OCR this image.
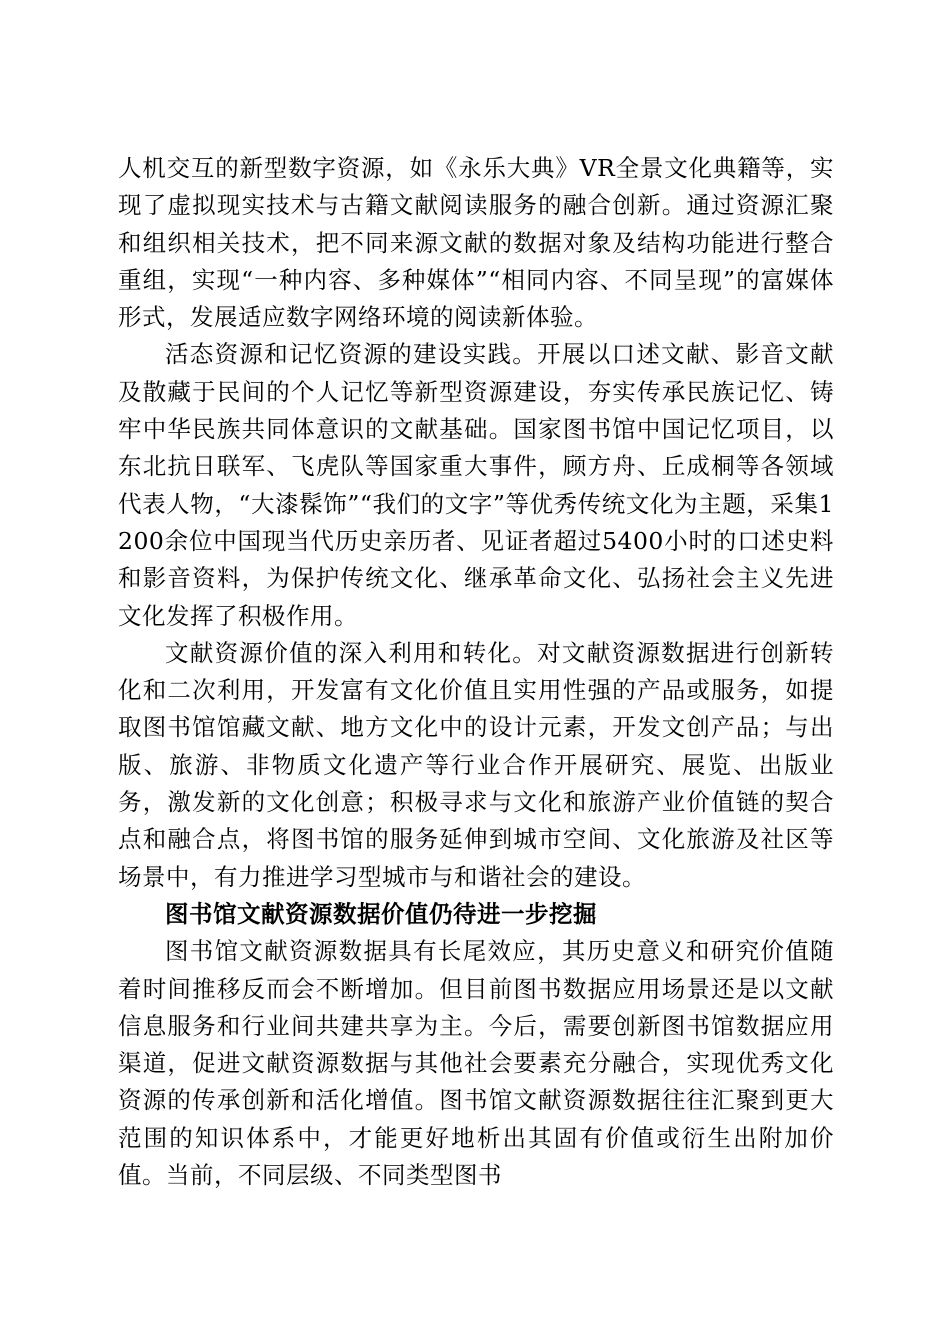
人机交互的新型数字资源，如《永乐大典》VR全景文化典籍等，实现了虚拟现实技术与古籍文献阅读服务的融合创新。通过资源汇聚和组织相关技术，把不同来源文献的数据对象及结构功能进行整合重组，实现“一种内容、多种媒体”“相同内容、不同呈现”的富媒体形式，发展适应数字网络环境的阅读新体验。

活态资源和记忆资源的建设实践。开展以口述文献、影音文献及散藏于民间的个人记忆等新型资源建设，夯实传承民族记忆、铸牢中华民族共同体意识的文献基础。国家图书馆中国记忆项目，以东北抗日联军、飞虎队等国家重大事件，顾方舟、丘成桐等各领域代表人物，“大漆髹饰”“我们的文字”等优秀传统文化为主题，采集1200余位中国现当代历史亲历者、见证者超过5400小时的口述史料和影音资料，为保护传统文化、继承革命文化、弘扬社会主义先进文化发挥了积极作用。

文献资源价值的深入利用和转化。对文献资源数据进行创新转化和二次利用，开发富有文化价值且实用性强的产品或服务，如提取图书馆馆藏文献、地方文化中的设计元素，开发文创产品；与出版、旅游、非物质文化遗产等行业合作开展研究、展览、出版业务，激发新的文化创意；积极寻求与文化和旅游产业价值链的契合点和融合点，将图书馆的服务延伸到城市空间、文化旅游及社区等场景中，有力推进学习型城市与和谐社会的建设。

图书馆文献资源数据价值仍待进一步挖掘

图书馆文献资源数据具有长尾效应，其历史意义和研究价值随着时间推移反而会不断增加。但目前图书数据应用场景还是以文献信息服务和行业间共建共享为主。今后，需要创新图书馆数据应用渠道，促进文献资源数据与其他社会要素充分融合，实现优秀文化资源的传承创新和活化增值。图书馆文献资源数据往往汇聚到更大范围的知识体系中，才能更好地析出其固有价值或衍生出附加价值。当前，不同层级、不同类型图书
